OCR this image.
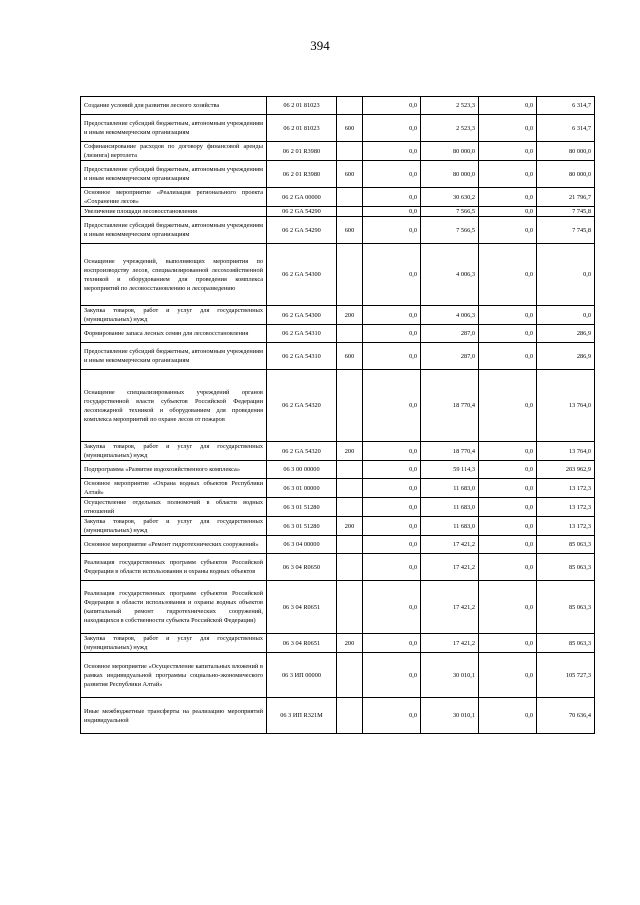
394
Создание условий для развития лесного хозяйства	06 2 01 81023		0,0	2 523,3	0,0	6 314,7
Предоставление субсидий бюджетным, автономным учреждениям и иным некоммерческим организациям	06 2 01 81023	600	0,0	2 523,3	0,0	6 314,7
Софинансирование расходов по договору финансовой аренды (лизинга) вертолета	06 2 01 R3980		0,0	80 000,0	0,0	80 000,0
Предоставление субсидий бюджетным, автономным учреждениям и иным некоммерческим организациям	06 2 01 R3980	600	0,0	80 000,0	0,0	80 000,0
Основное мероприятие «Реализация регионального проекта «Сохранение лесов»	06 2 GA 00000		0,0	30 630,2	0,0	21 796,7
Увеличение площади лесовосстановления	06 2 GA 54290		0,0	7 566,5	0,0	7 745,8
Предоставление субсидий бюджетным, автономным учреждениям и иным некоммерческим организациям	06 2 GA 54290	600	0,0	7 566,5	0,0	7 745,8
Оснащение учреждений, выполняющих мероприятия по воспроизводству лесов, специализированной лесохозяйственной техникой и оборудованием для проведения комплекса мероприятий по лесовосстановлению и лесоразведению	06 2 GA 54300		0,0	4 006,3	0,0	0,0
Закупка товаров, работ и услуг для государственных (муниципальных) нужд	06 2 GA 54300	200	0,0	4 006,3	0,0	0,0
Формирование запаса лесных семян для лесовосстановления	06 2 GA 54310		0,0	287,0	0,0	286,9
Предоставление субсидий бюджетным, автономным учреждениям и иным некоммерческим организациям	06 2 GA 54310	600	0,0	287,0	0,0	286,9
Оснащение специализированных учреждений органов государственной власти субъектов Российской Федерации лесопожарной техникой и оборудованием для проведения комплекса мероприятий по охране лесов от пожаров	06 2 GA 54320		0,0	18 770,4	0,0	13 764,0
Закупка товаров, работ и услуг для государственных (муниципальных) нужд	06 2 GA 54320	200	0,0	18 770,4	0,0	13 764,0
Подпрограмма «Развитие водохозяйственного комплекса»	06 3 00 00000		0,0	59 114,3	0,0	203 962,9
Основное мероприятие «Охрана водных объектов Республики Алтай»	06 3 01 00000		0,0	11 683,0	0,0	13 172,3
Осуществление отдельных полномочий в области водных отношений	06 3 01 51280		0,0	11 683,0	0,0	13 172,3
Закупка товаров, работ и услуг для государственных (муниципальных) нужд	06 3 01 51280	200	0,0	11 683,0	0,0	13 172,3
Основное мероприятие «Ремонт гидротехнических сооружений»	06 3 04 00000		0,0	17 421,2	0,0	85 063,3
Реализация государственных программ субъектов Российской Федерации в области использования и охраны водных объектов	06 3 04 R0650		0,0	17 421,2	0,0	85 063,3
Реализация государственных программ субъектов Российской Федерации в области использования и охраны водных объектов (капитальный ремонт гидротехнических сооружений, находящихся в собственности субъекта Российской Федерации)	06 3 04 R0651		0,0	17 421,2	0,0	85 063,3
Закупка товаров, работ и услуг для государственных (муниципальных) нужд	06 3 04 R0651	200	0,0	17 421,2	0,0	85 063,3
Основное мероприятие «Осуществление капитальных вложений в рамках индивидуальной программы социально-экономического развития Республики Алтай»	06 3 ИП 00000		0,0	30 010,1	0,0	105 727,3
Иные межбюджетные трансферты на реализацию мероприятий индивидуальной	06 3 ИП R321M		0,0	30 010,1	0,0	70 636,4
